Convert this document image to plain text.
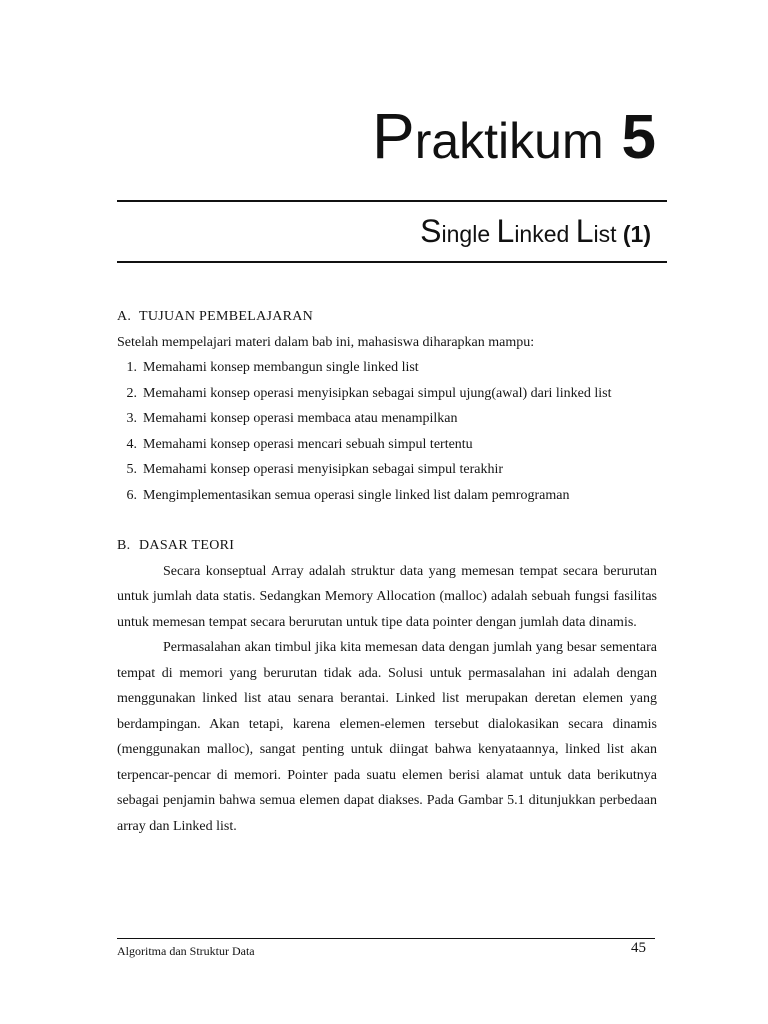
Praktikum 5
Single Linked List (1)
A. TUJUAN PEMBELAJARAN
Setelah mempelajari materi dalam bab ini, mahasiswa diharapkan mampu:
1. Memahami konsep membangun single linked list
2. Memahami konsep operasi menyisipkan sebagai simpul ujung(awal) dari linked list
3. Memahami konsep operasi membaca atau menampilkan
4. Memahami konsep operasi mencari sebuah simpul tertentu
5. Memahami konsep operasi menyisipkan sebagai simpul terakhir
6. Mengimplementasikan semua operasi single linked list dalam pemrograman
B. DASAR TEORI

Secara konseptual Array adalah struktur data yang memesan tempat secara berurutan untuk jumlah data statis. Sedangkan Memory Allocation (malloc) adalah sebuah fungsi fasilitas untuk memesan tempat secara berurutan untuk tipe data pointer dengan jumlah data dinamis.

Permasalahan akan timbul jika kita memesan data dengan jumlah yang besar sementara tempat di memori yang berurutan tidak ada. Solusi untuk permasalahan ini adalah dengan menggunakan linked list atau senara berantai. Linked list merupakan deretan elemen yang berdampingan. Akan tetapi, karena elemen-elemen tersebut dialokasikan secara dinamis (menggunakan malloc), sangat penting untuk diingat bahwa kenyataannya, linked list akan terpencar-pencar di memori. Pointer pada suatu elemen berisi alamat untuk data berikutnya sebagai penjamin bahwa semua elemen dapat diakses. Pada Gambar 5.1 ditunjukkan perbedaan array dan Linked list.

Algoritma dan Struktur Data	45
